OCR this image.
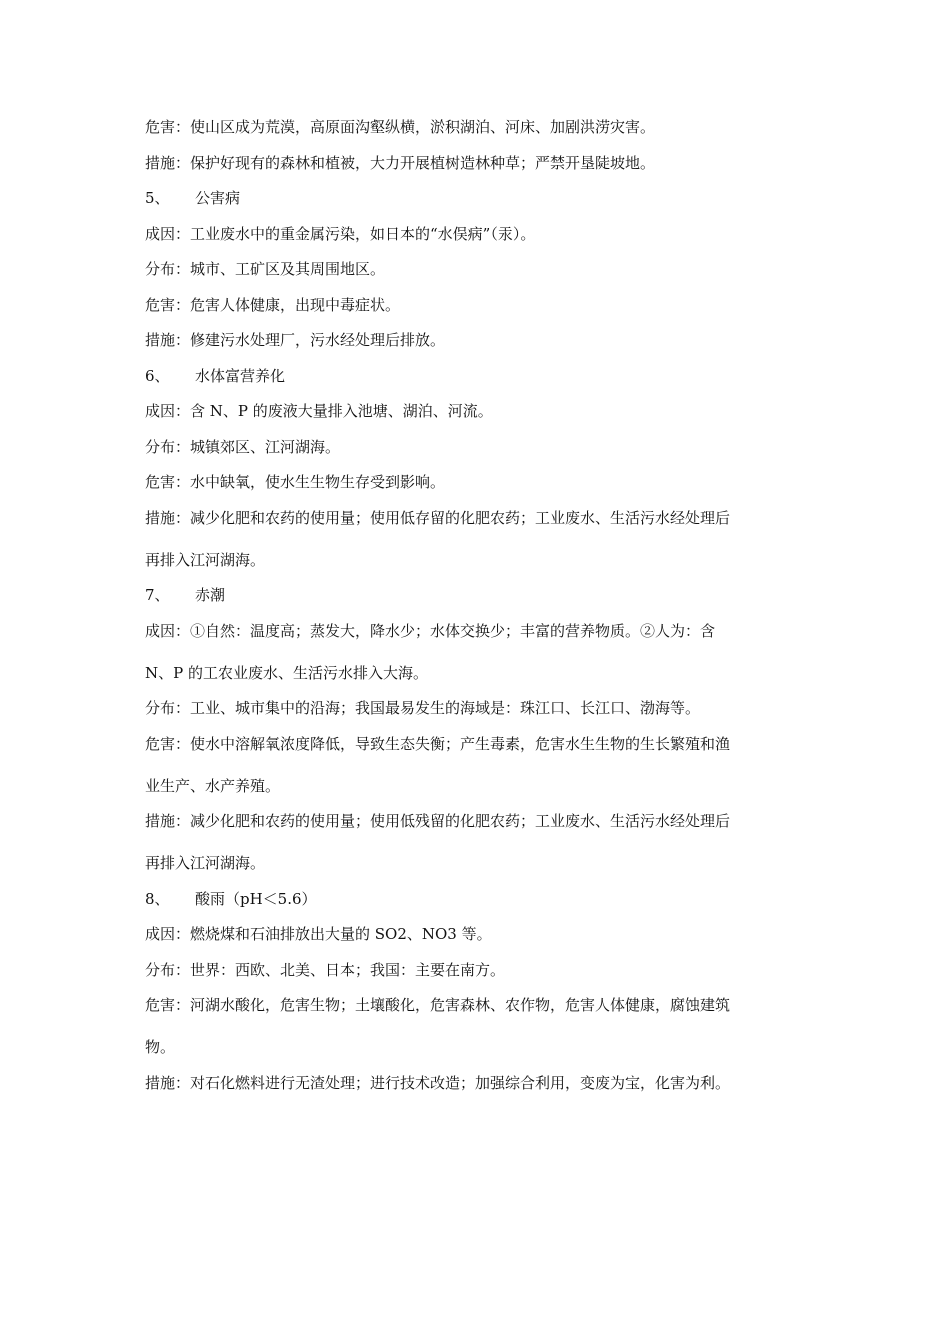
危害：使山区成为荒漠，高原面沟壑纵横，淤积湖泊、河床、加剧洪涝灾害。

措施：保护好现有的森林和植被，大力开展植树造林种草；严禁开垦陡坡地。

5、 公害病

成因：工业废水中的重金属污染，如日本的“水俣病”（汞）。

分布：城市、工矿区及其周围地区。

危害：危害人体健康，出现中毒症状。

措施：修建污水处理厂，污水经处理后排放。

6、 水体富营养化

成因：含 N、P 的废液大量排入池塘、湖泊、河流。

分布：城镇郊区、江河湖海。

危害：水中缺氧，使水生生物生存受到影响。

措施：减少化肥和农药的使用量；使用低存留的化肥农药；工业废水、生活污水经处理后

再排入江河湖海。

7、 赤潮

成因：①自然：温度高；蒸发大，降水少；水体交换少；丰富的营养物质。②人为：含

N、P 的工农业废水、生活污水排入大海。

分布：工业、城市集中的沿海；我国最易发生的海域是：珠江口、长江口、渤海等。

危害：使水中溶解氧浓度降低，导致生态失衡；产生毒素，危害水生生物的生长繁殖和渔

业生产、水产养殖。

措施：减少化肥和农药的使用量；使用低残留的化肥农药；工业废水、生活污水经处理后

再排入江河湖海。

8、 酸雨（pH＜5.6）

成因：燃烧煤和石油排放出大量的 SO2、NO3 等。

分布：世界：西欧、北美、日本；我国：主要在南方。

危害：河湖水酸化，危害生物；土壤酸化，危害森林、农作物，危害人体健康，腐蚀建筑

物。

措施：对石化燃料进行无渣处理；进行技术改造；加强综合利用，变废为宝，化害为利。
